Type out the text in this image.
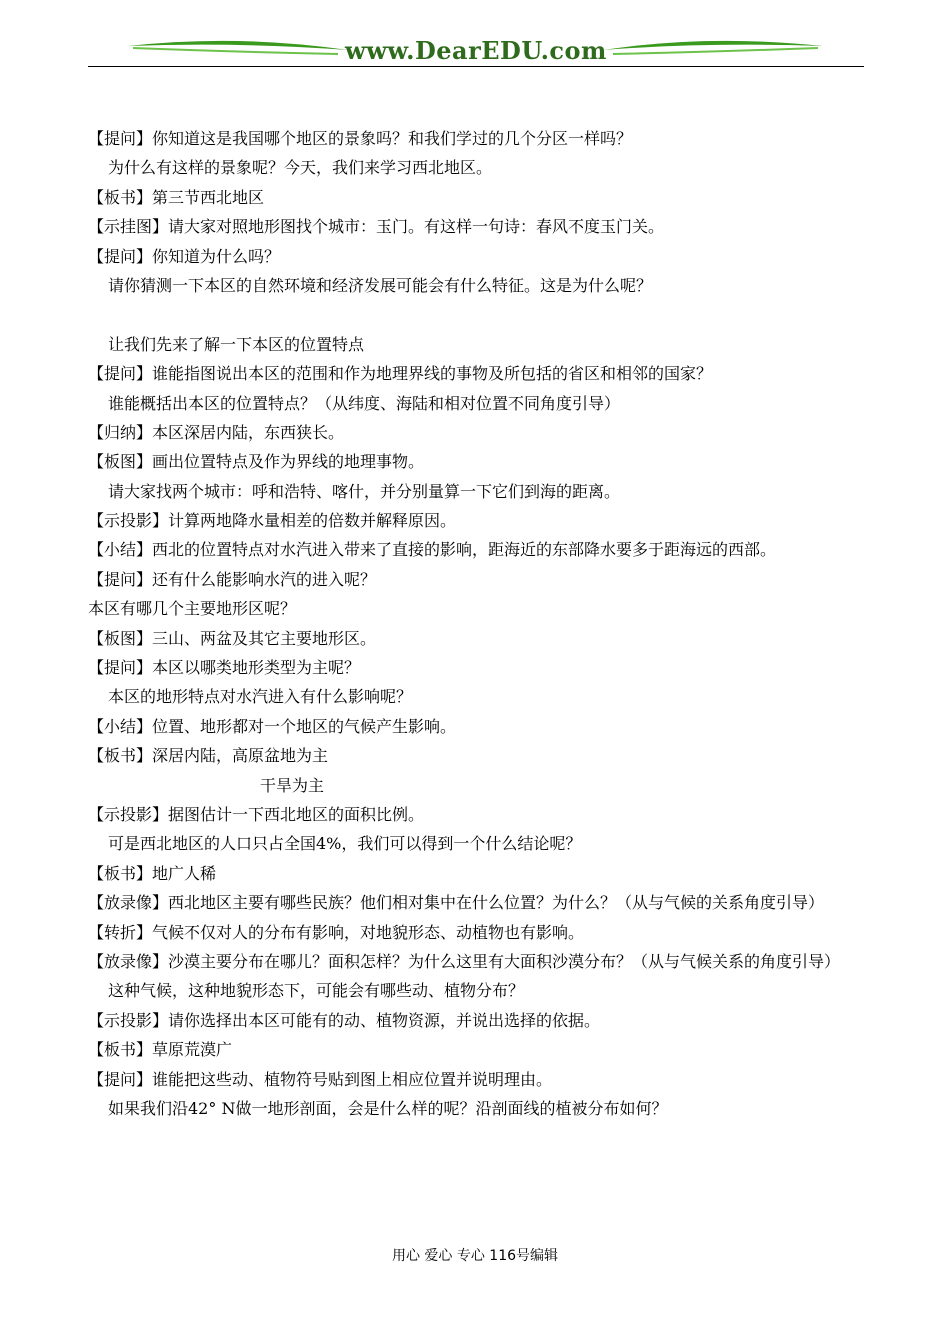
www.DearEDU.com
【提问】你知道这是我国哪个地区的景象吗？和我们学过的几个分区一样吗？
为什么有这样的景象呢？今天，我们来学习西北地区。
【板书】第三节西北地区
【示挂图】请大家对照地形图找个城市：玉门。有这样一句诗：春风不度玉门关。
【提问】你知道为什么吗？
请你猜测一下本区的自然环境和经济发展可能会有什么特征。这是为什么呢？
让我们先来了解一下本区的位置特点
【提问】谁能指图说出本区的范围和作为地理界线的事物及所包括的省区和相邻的国家？
谁能概括出本区的位置特点？（从纬度、海陆和相对位置不同角度引导）
【归纳】本区深居内陆，东西狭长。
【板图】画出位置特点及作为界线的地理事物。
请大家找两个城市：呼和浩特、喀什，并分别量算一下它们到海的距离。
【示投影】计算两地降水量相差的倍数并解释原因。
【小结】西北的位置特点对水汽进入带来了直接的影响，距海近的东部降水要多于距海远的西部。
【提问】还有什么能影响水汽的进入呢？
本区有哪几个主要地形区呢？
【板图】三山、两盆及其它主要地形区。
【提问】本区以哪类地形类型为主呢？
本区的地形特点对水汽进入有什么影响呢？
【小结】位置、地形都对一个地区的气候产生影响。
【板书】深居内陆，高原盆地为主
干旱为主
【示投影】据图估计一下西北地区的面积比例。
可是西北地区的人口只占全国4%，我们可以得到一个什么结论呢？
【板书】地广人稀
【放录像】西北地区主要有哪些民族？他们相对集中在什么位置？为什么？（从与气候的关系角度引导）
【转折】气候不仅对人的分布有影响，对地貌形态、动植物也有影响。
【放录像】沙漠主要分布在哪儿？面积怎样？为什么这里有大面积沙漠分布？（从与气候关系的角度引导）
这种气候，这种地貌形态下，可能会有哪些动、植物分布？
【示投影】请你选择出本区可能有的动、植物资源，并说出选择的依据。
【板书】草原荒漠广
【提问】谁能把这些动、植物符号贴到图上相应位置并说明理由。
如果我们沿42° N做一地形剖面，会是什么样的呢？沿剖面线的植被分布如何？
用心 爱心 专心 116号编辑
